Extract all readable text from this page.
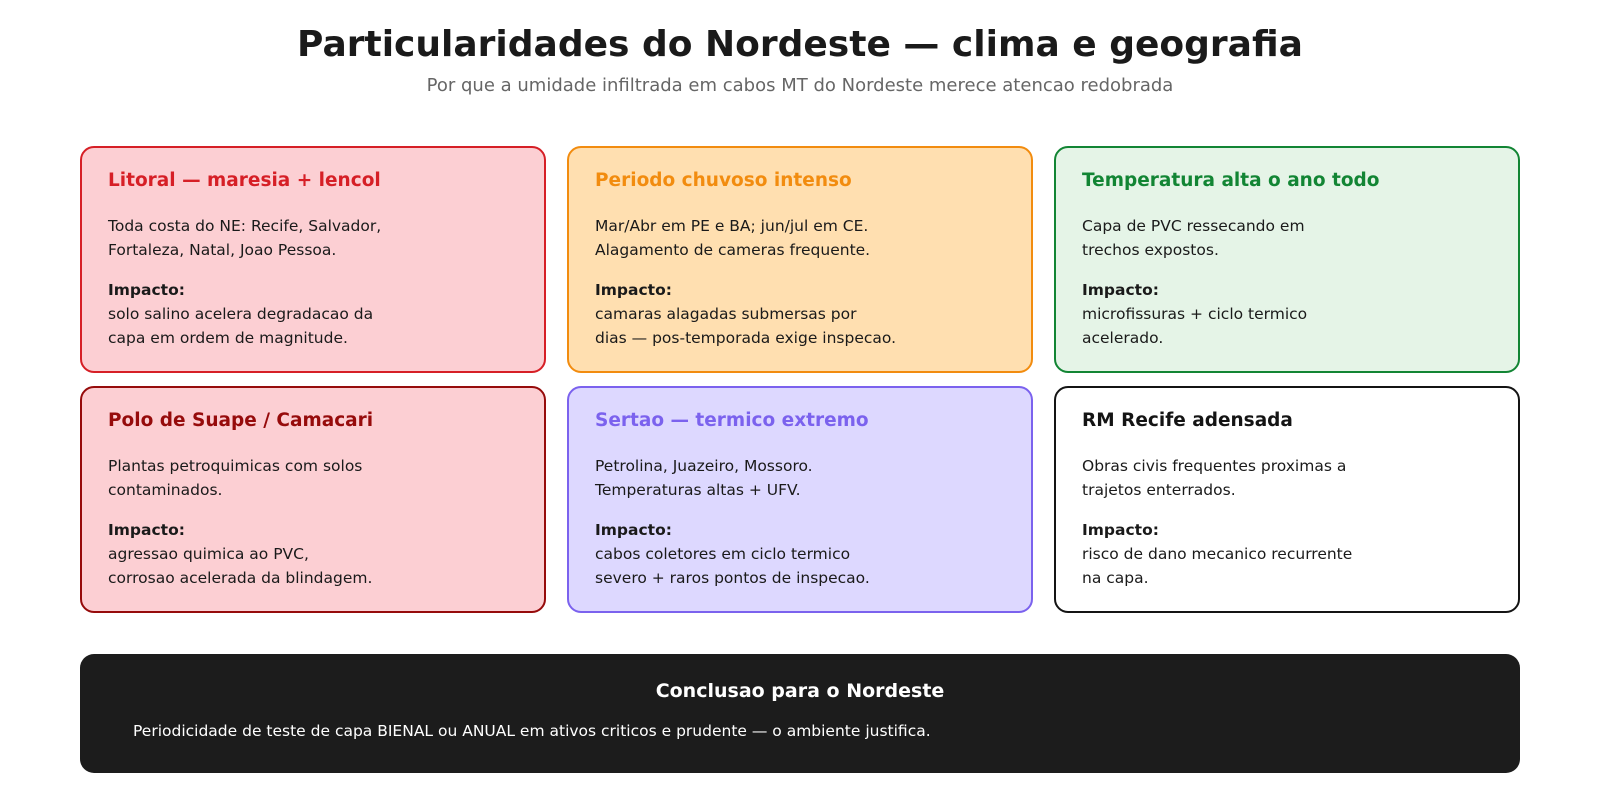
Particularidades do Nordeste — clima e geografia
Por que a umidade infiltrada em cabos MT do Nordeste merece atencao redobrada

Litoral — maresia + lencol

Toda costa do NE: Recife, Salvador,
Fortaleza, Natal, Joao Pessoa.

Impacto:

solo salino acelera degradacao da
capa em ordem de magnitude.

Periodo chuvoso intenso

Mar/Abr em PE e BA; jun/jul em CE.
Alagamento de cameras frequente.

Impacto:

camaras alagadas submersas por
dias — pos-temporada exige inspecao.

Temperatura alta o ano todo

Capa de PVC ressecando em
trechos expostos.

Impacto:

microfissuras + ciclo termico
acelerado.

Polo de Suape / Camacari

Plantas petroquimicas com solos
contaminados.

Impacto:

agressao quimica ao PVC,
corrosao acelerada da blindagem.

Sertao — termico extremo

Petrolina, Juazeiro, Mossoro.
Temperaturas altas + UFV.

Impacto:

cabos coletores em ciclo termico
severo + raros pontos de inspecao.

RM Recife adensada

Obras civis frequentes proximas a
trajetos enterrados.

Impacto:

risco de dano mecanico recurrente
na capa.

Conclusao para o Nordeste
Periodicidade de teste de capa BIENAL ou ANUAL em ativos criticos e prudente — o ambiente justifica.
